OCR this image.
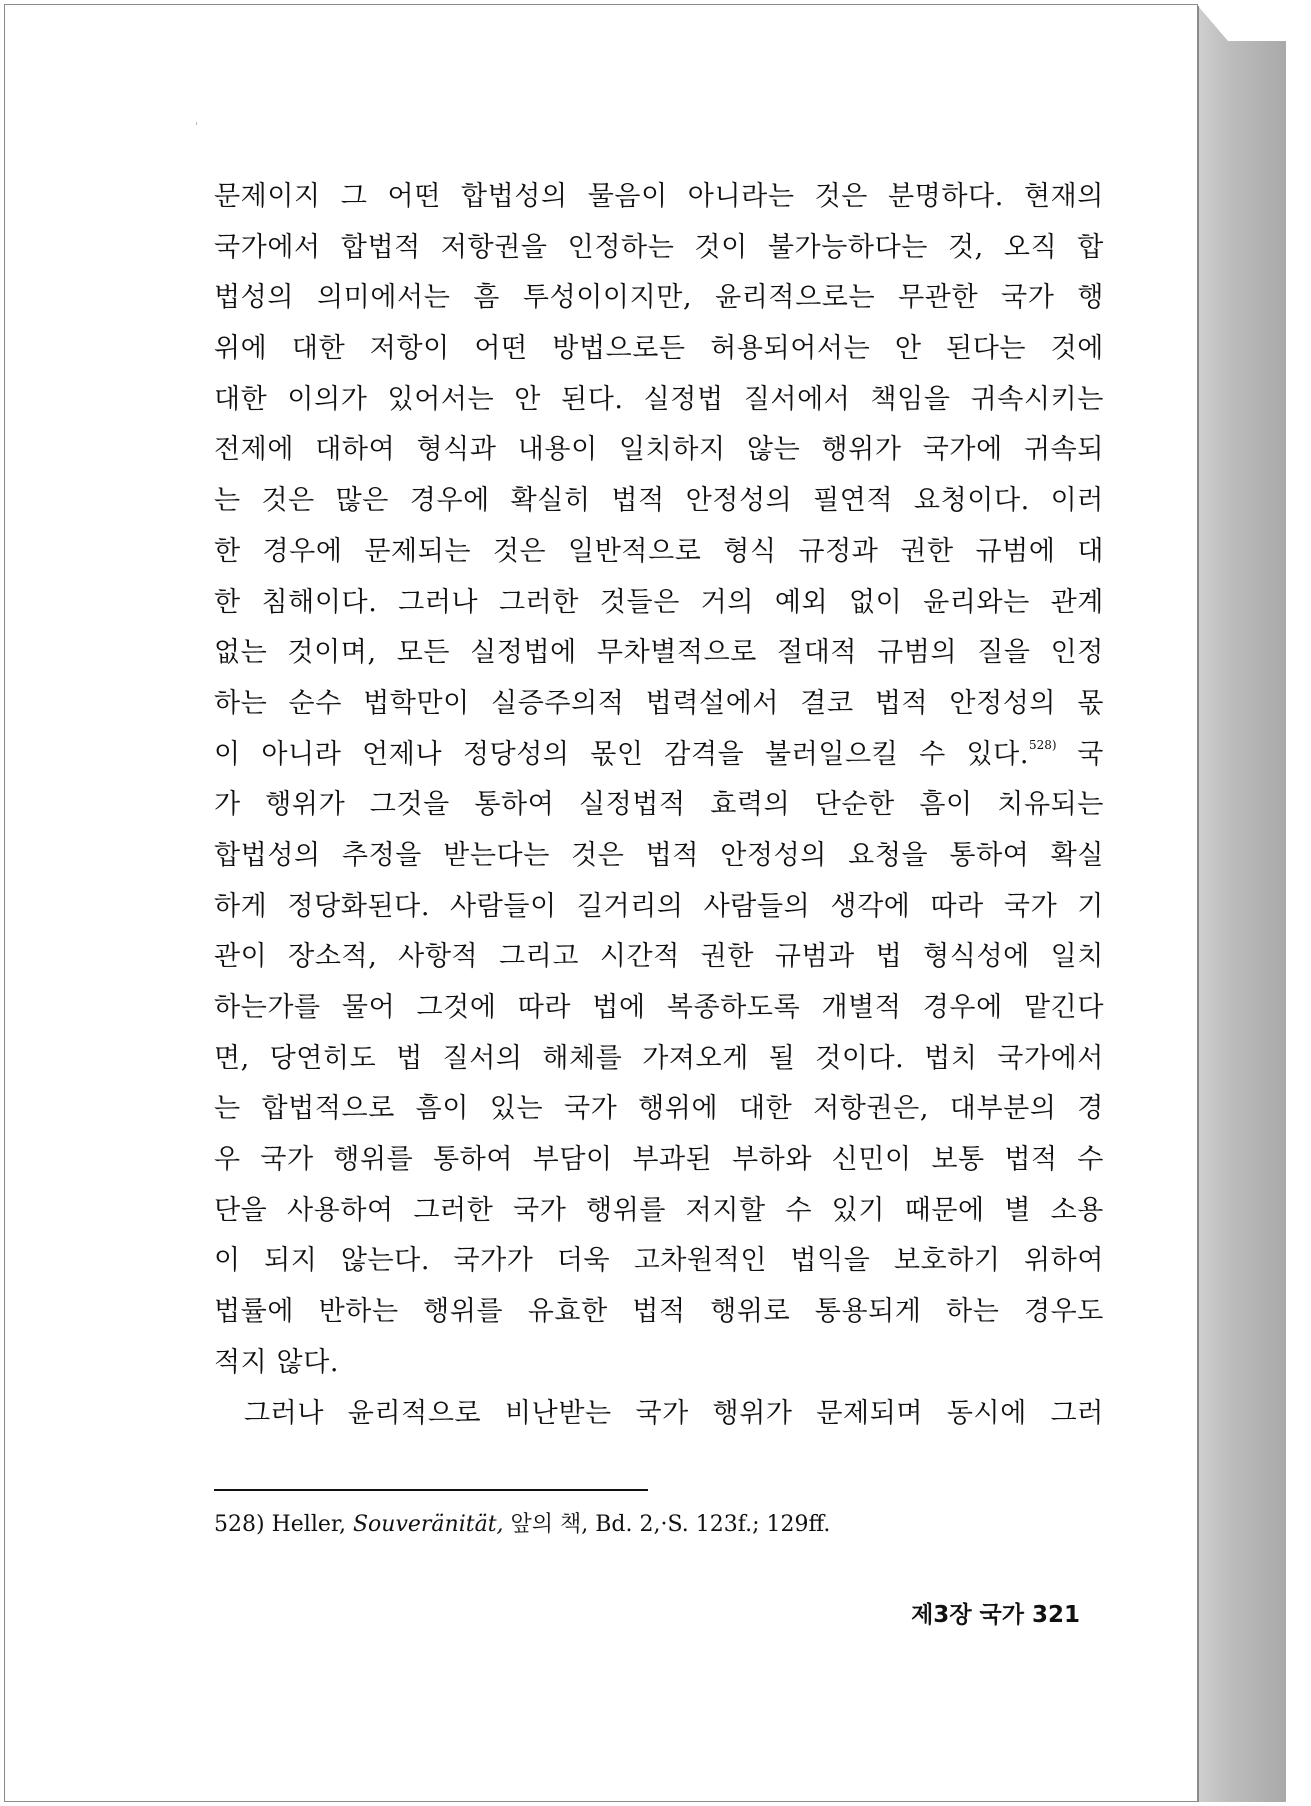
문제이지 그 어떤 합법성의 물음이 아니라는 것은 분명하다. 현재의
국가에서 합법적 저항권을 인정하는 것이 불가능하다는 것, 오직 합
법성의 의미에서는 흠 투성이이지만, 윤리적으로는 무관한 국가 행
위에 대한 저항이 어떤 방법으로든 허용되어서는 안 된다는 것에
대한 이의가 있어서는 안 된다. 실정법 질서에서 책임을 귀속시키는
전제에 대하여 형식과 내용이 일치하지 않는 행위가 국가에 귀속되
는 것은 많은 경우에 확실히 법적 안정성의 필연적 요청이다. 이러
한 경우에 문제되는 것은 일반적으로 형식 규정과 권한 규범에 대
한 침해이다. 그러나 그러한 것들은 거의 예외 없이 윤리와는 관계
없는 것이며, 모든 실정법에 무차별적으로 절대적 규범의 질을 인정
하는 순수 법학만이 실증주의적 법력설에서 결코 법적 안정성의 몫
이 아니라 언제나 정당성의 몫인 감격을 불러일으킬 수 있다.$^{528)}$ 국
가 행위가 그것을 통하여 실정법적 효력의 단순한 흠이 치유되는
합법성의 추정을 받는다는 것은 법적 안정성의 요청을 통하여 확실
하게 정당화된다. 사람들이 길거리의 사람들의 생각에 따라 국가 기
관이 장소적, 사항적 그리고 시간적 권한 규범과 법 형식성에 일치
하는가를 물어 그것에 따라 법에 복종하도록 개별적 경우에 맡긴다
면, 당연히도 법 질서의 해체를 가져오게 될 것이다. 법치 국가에서
는 합법적으로 흠이 있는 국가 행위에 대한 저항권은, 대부분의 경
우 국가 행위를 통하여 부담이 부과된 부하와 신민이 보통 법적 수
단을 사용하여 그러한 국가 행위를 저지할 수 있기 때문에 별 소용
이 되지 않는다. 국가가 더욱 고차원적인 법익을 보호하기 위하여
법률에 반하는 행위를 유효한 법적 행위로 통용되게 하는 경우도
적지 않다.
그러나 윤리적으로 비난받는 국가 행위가 문제되며 동시에 그러
528) Heller, Souveränität, 앞의 책, Bd. 2,·S. 123f.; 129ff.
제3장 국가 321
